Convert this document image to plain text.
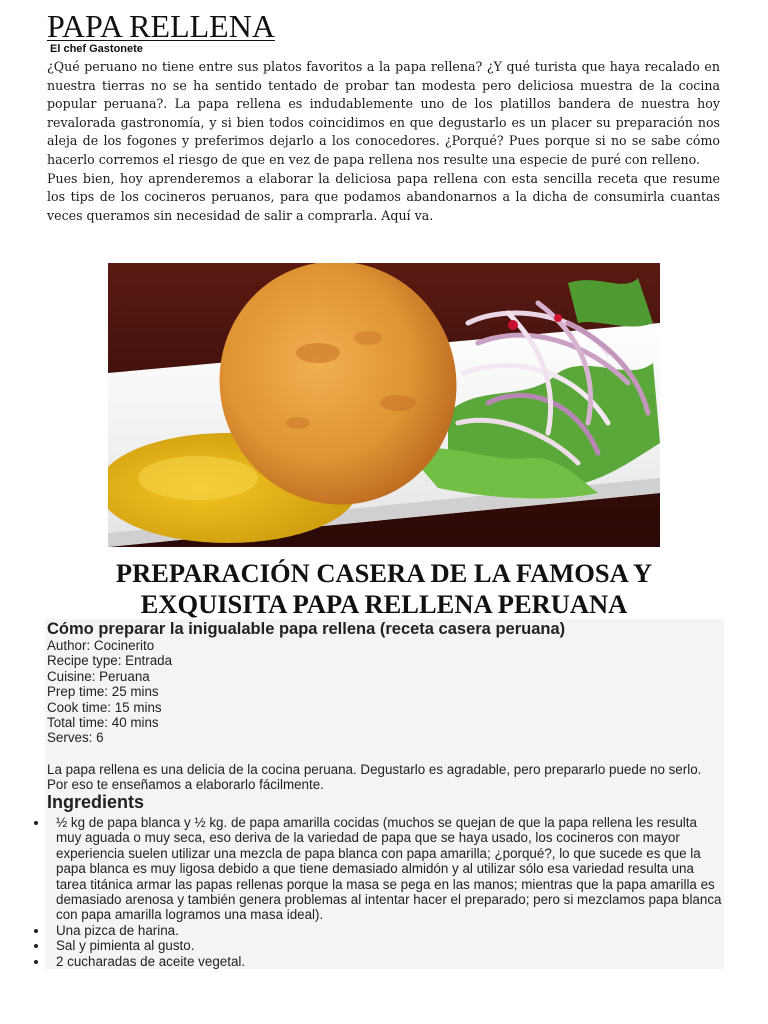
PAPA RELLENA
El chef Gastonete

¿Qué peruano no tiene entre sus platos favoritos a la papa rellena? ¿Y qué turista que haya recalado en nuestra tierras no se ha sentido tentado de probar tan modesta pero deliciosa muestra de la cocina popular peruana?. La papa rellena es indudablemente uno de los platillos bandera de nuestra hoy revalorada gastronomía, y si bien todos coincidimos en que degustarlo es un placer su preparación nos aleja de los fogones y preferimos dejarlo a los conocedores. ¿Porqué? Pues porque si no se sabe cómo hacerlo corremos el riesgo de que en vez de papa rellena nos resulte una especie de puré con relleno.

Pues bien, hoy aprenderemos a elaborar la deliciosa papa rellena con esta sencilla receta que resume los tips de los cocineros peruanos, para que podamos abandonarnos a la dicha de consumirla cuantas veces queramos sin necesidad de salir a comprarla. Aquí va.

PREPARACIÓN CASERA DE LA FAMOSA Y
EXQUISITA PAPA RELLENA PERUANA
Cómo preparar la inigualable papa rellena (receta casera peruana)
Author: Cocinerito
Recipe type: Entrada
Cuisine: Peruana
Prep time: 25 mins
Cook time: 15 mins
Total time: 40 mins
Serves: 6

La papa rellena es una delicia de la cocina peruana. Degustarlo es agradable, pero prepararlo puede no serlo. Por eso te enseñamos a elaborarlo fácilmente.

Ingredients
½ kg de papa blanca y ½ kg. de papa amarilla cocidas (muchos se quejan de que la papa rellena les resulta muy aguada o muy seca, eso deriva de la variedad de papa que se haya usado, los cocineros con mayor experiencia suelen utilizar una mezcla de papa blanca con papa amarilla; ¿porqué?, lo que sucede es que la papa blanca es muy ligosa debido a que tiene demasiado almidón y al utilizar sólo esa variedad resulta una tarea titánica armar las papas rellenas porque la masa se pega en las manos; mientras que la papa amarilla es demasiado arenosa y también genera problemas al intentar hacer el preparado; pero si mezclamos papa blanca con papa amarilla logramos una masa ideal).
Una pizca de harina.
Sal y pimienta al gusto.
2 cucharadas de aceite vegetal.
